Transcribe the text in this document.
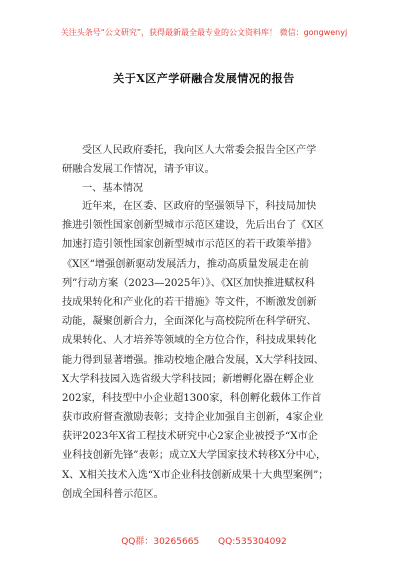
关注头条号“公文研究”，获得最新最全最专业的公文资料库！ 微信：gongwenyj
关于X区产学研融合发展情况的报告
受区人民政府委托，我向区人大常委会报告全区产学
研融合发展工作情况，请予审议。
一、基本情况
近年来，在区委、区政府的坚强领导下，科技局加快
推进引领性国家创新型城市示范区建设，先后出台了《X区
加速打造引领性国家创新型城市示范区的若干政策举措》
《X区“增强创新驱动发展活力，推动高质量发展走在前
列”行动方案（2023—2025年）》、《X区加快推进赋权科
技成果转化和产业化的若干措施》等文件，不断激发创新
动能，凝聚创新合力，全面深化与高校院所在科学研究、
成果转化、人才培养等领域的全方位合作，科技成果转化
能力得到显著增强。推动校地企融合发展，X大学科技园、
X大学科技园入选省级大学科技园；新增孵化器在孵企业
202家，科技型中小企业超1300家，科创孵化载体工作首
获市政府督查激励表彰；支持企业加强自主创新，4家企业
获评2023年X省工程技术研究中心2家企业被授予“X市企
业科技创新先锋”表彰；成立X大学国家技术转移X分中心，
X、X相关技术入选“X市企业科技创新成果十大典型案例”；
创成全国科普示范区。
QQ群：30265665 QQ:535304092
